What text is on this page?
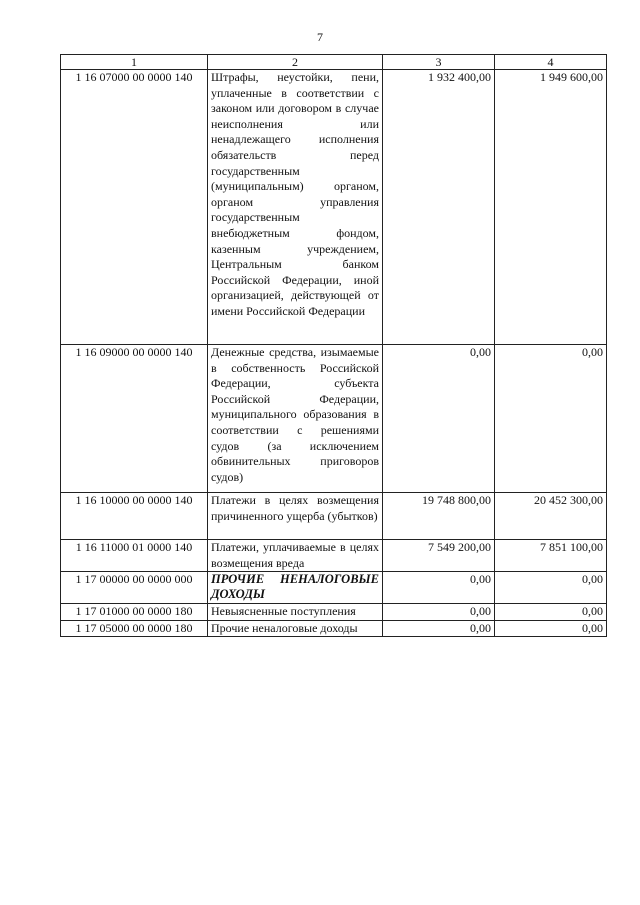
7
1	2	3	4
1 16 07000 00 0000 140	Штрафы, неустойки, пени, уплаченные в соответствии с законом или договором в случае неисполнения или ненадлежащего исполнения обязательств перед государственным (муниципальным) органом, органом управления государственным внебюджетным фондом, казенным учреждением, Центральным банком Российской Федерации, иной организацией, действующей от имени Российской Федерации	1 932 400,00	1 949 600,00
1 16 09000 00 0000 140	Денежные средства, изымаемые в собственность Российской Федерации, субъекта Российской Федерации, муниципального образования в соответствии с решениями судов (за исключением обвинительных приговоров судов)	0,00	0,00
1 16 10000 00 0000 140	Платежи в целях возмещения причиненного ущерба (убытков)	19 748 800,00	20 452 300,00
1 16 11000 01 0000 140	Платежи, уплачиваемые в целях возмещения вреда	7 549 200,00	7 851 100,00
1 17 00000 00 0000 000	ПРОЧИЕ НЕНАЛОГОВЫЕ ДОХОДЫ	0,00	0,00
1 17 01000 00 0000 180	Невыясненные поступления	0,00	0,00
1 17 05000 00 0000 180	Прочие неналоговые доходы	0,00	0,00
